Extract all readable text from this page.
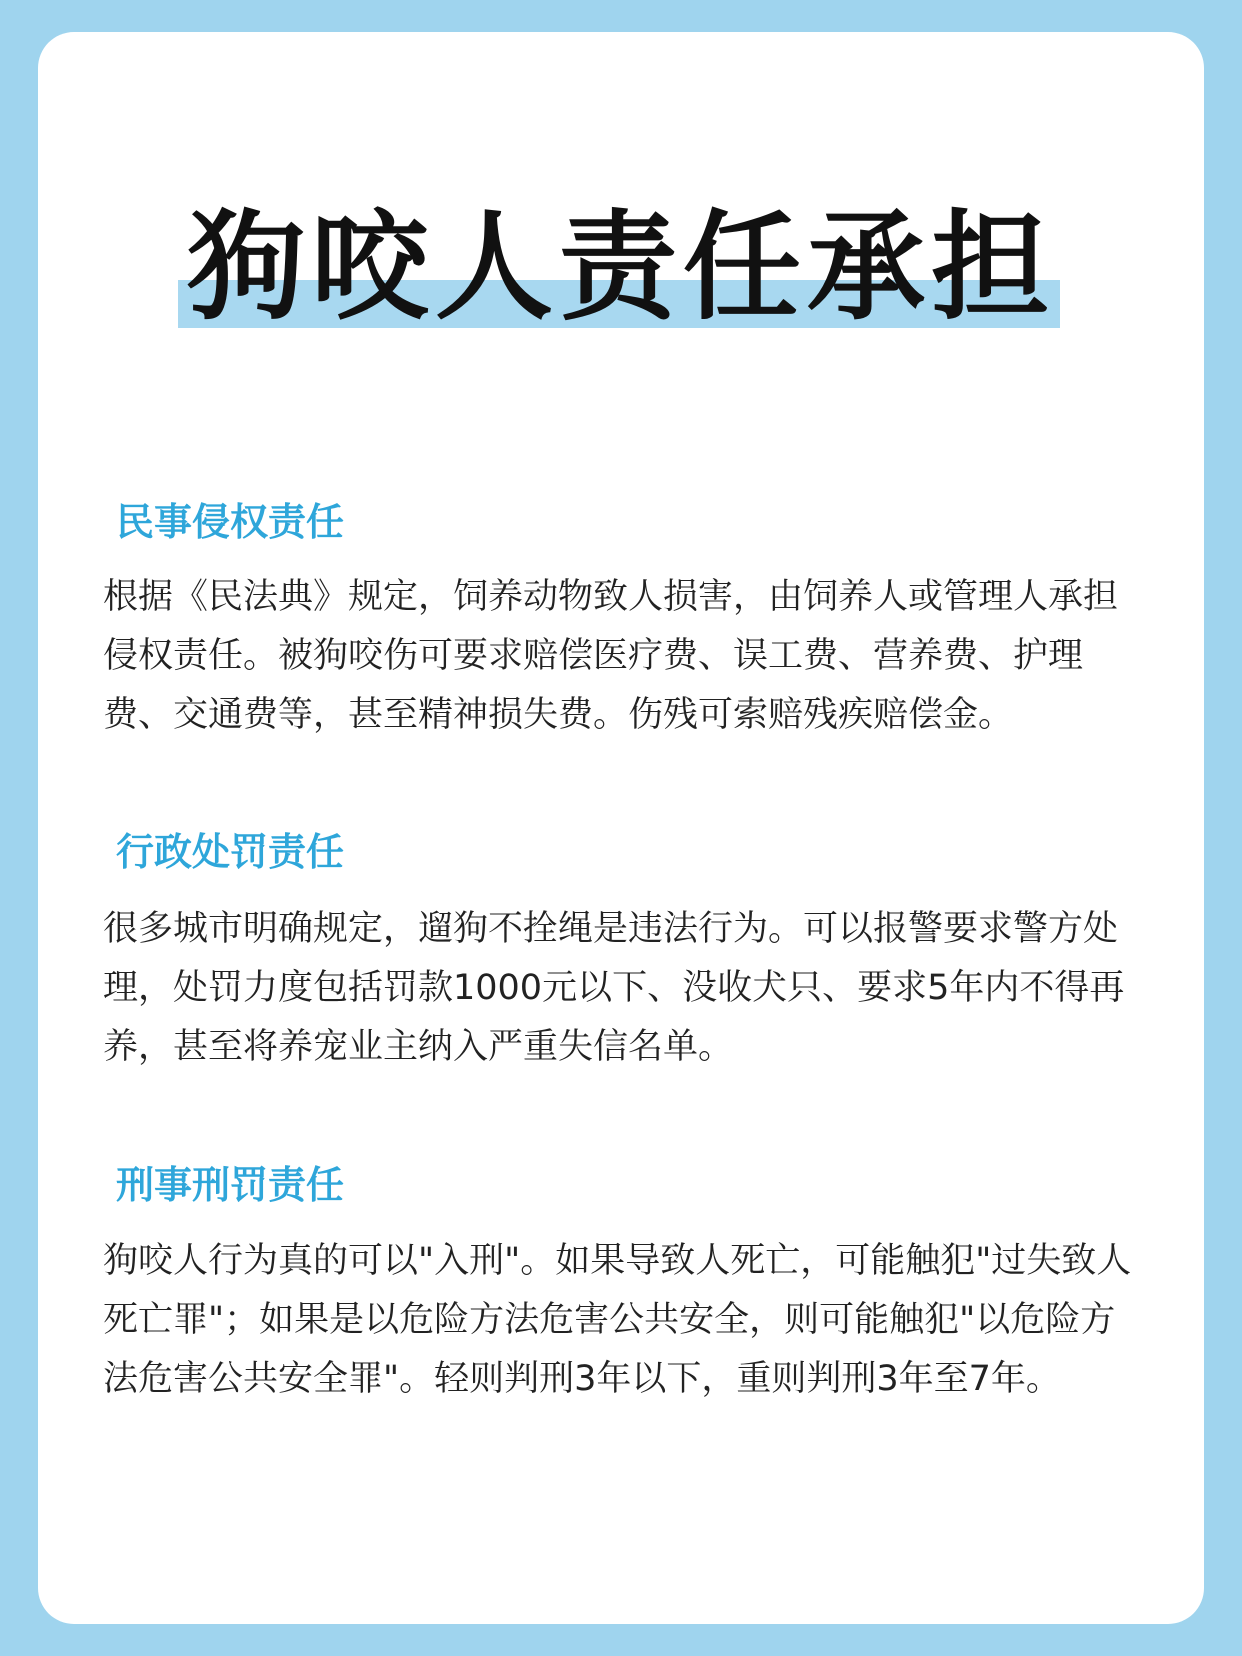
狗咬人责任承担
民事侵权责任

根据《民法典》规定，饲养动物致人损害，由饲养人或管理人承担

侵权责任。被狗咬伤可要求赔偿医疗费、误工费、营养费、护理

费、交通费等，甚至精神损失费。伤残可索赔残疾赔偿金。

行政处罚责任

很多城市明确规定，遛狗不拴绳是违法行为。可以报警要求警方处

理，处罚力度包括罚款1000元以下、没收犬只、要求5年内不得再

养，甚至将养宠业主纳入严重失信名单。

刑事刑罚责任

狗咬人行为真的可以"入刑"。如果导致人死亡，可能触犯"过失致人

死亡罪"；如果是以危险方法危害公共安全，则可能触犯"以危险方

法危害公共安全罪"。轻则判刑3年以下，重则判刑3年至7年。
